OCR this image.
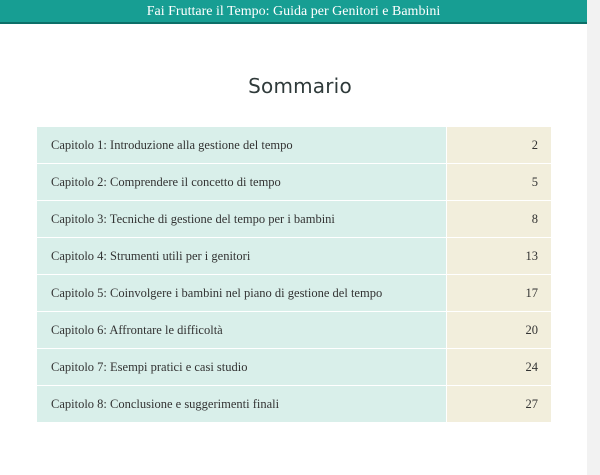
Fai Fruttare il Tempo: Guida per Genitori e Bambini
Sommario
Capitolo 1: Introduzione alla gestione del tempo	2
Capitolo 2: Comprendere il concetto di tempo	5
Capitolo 3: Tecniche di gestione del tempo per i bambini	8
Capitolo 4: Strumenti utili per i genitori	13
Capitolo 5: Coinvolgere i bambini nel piano di gestione del tempo	17
Capitolo 6: Affrontare le difficoltà	20
Capitolo 7: Esempi pratici e casi studio	24
Capitolo 8: Conclusione e suggerimenti finali	27
